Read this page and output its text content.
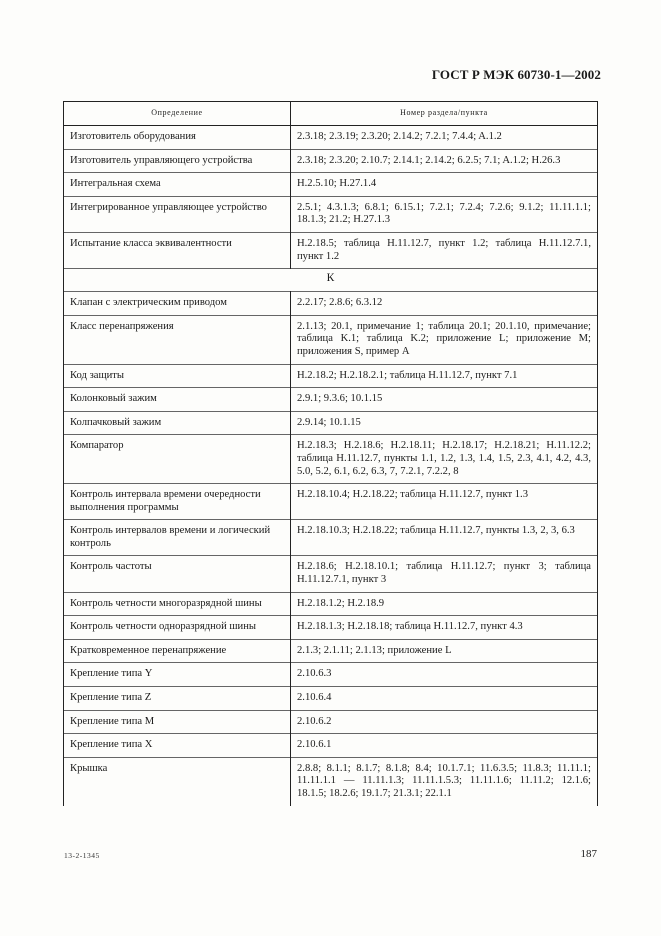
ГОСТ Р МЭК 60730-1—2002
Определение	Номер раздела/пункта
Изготовитель оборудования	2.3.18; 2.3.19; 2.3.20; 2.14.2; 7.2.1; 7.4.4; A.1.2
Изготовитель управляющего устройства	2.3.18; 2.3.20; 2.10.7; 2.14.1; 2.14.2; 6.2.5; 7.1; A.1.2; H.26.3
Интегральная схема	H.2.5.10; H.27.1.4
Интегрированное управляющее устройство	2.5.1; 4.3.1.3; 6.8.1; 6.15.1; 7.2.1; 7.2.4; 7.2.6; 9.1.2; 11.11.1.1; 18.1.3; 21.2; H.27.1.3
Испытание класса эквивалентности	H.2.18.5; таблица H.11.12.7, пункт 1.2; таблица H.11.12.7.1, пункт 1.2
К	
Клапан с электрическим приводом	2.2.17; 2.8.6; 6.3.12
Класс перенапряжения	2.1.13; 20.1, примечание 1; таблица 20.1; 20.1.10, примечание; таблица K.1; таблица K.2; приложение L; приложение M; приложения S, пример А
Код защиты	H.2.18.2; H.2.18.2.1; таблица H.11.12.7, пункт 7.1
Колонковый зажим	2.9.1; 9.3.6; 10.1.15
Колпачковый зажим	2.9.14; 10.1.15
Компаратор	H.2.18.3; H.2.18.6; H.2.18.11; H.2.18.17; H.2.18.21; H.11.12.2; таблица H.11.12.7, пункты 1.1, 1.2, 1.3, 1.4, 1.5, 2.3, 4.1, 4.2, 4.3, 5.0, 5.2, 6.1, 6.2, 6.3, 7, 7.2.1, 7.2.2, 8
Контроль интервала времени очередности выполнения программы	H.2.18.10.4; H.2.18.22; таблица H.11.12.7, пункт 1.3
Контроль интервалов времени и логический контроль	H.2.18.10.3; H.2.18.22; таблица H.11.12.7, пункты 1.3, 2, 3, 6.3
Контроль частоты	H.2.18.6; H.2.18.10.1; таблица H.11.12.7; пункт 3; таблица H.11.12.7.1, пункт 3
Контроль четности многоразрядной шины	H.2.18.1.2; H.2.18.9
Контроль четности одноразрядной шины	H.2.18.1.3; H.2.18.18; таблица H.11.12.7, пункт 4.3
Кратковременное перенапряжение	2.1.3; 2.1.11; 2.1.13; приложение L
Крепление типа Y	2.10.6.3
Крепление типа Z	2.10.6.4
Крепление типа M	2.10.6.2
Крепление типа X	2.10.6.1
Крышка	2.8.8; 8.1.1; 8.1.7; 8.1.8; 8.4; 10.1.7.1; 11.6.3.5; 11.8.3; 11.11.1; 11.11.1.1 — 11.11.1.3; 11.11.1.5.3; 11.11.1.6; 11.11.2; 12.1.6; 18.1.5; 18.2.6; 19.1.7; 21.3.1; 22.1.1
13-2-1345	187
